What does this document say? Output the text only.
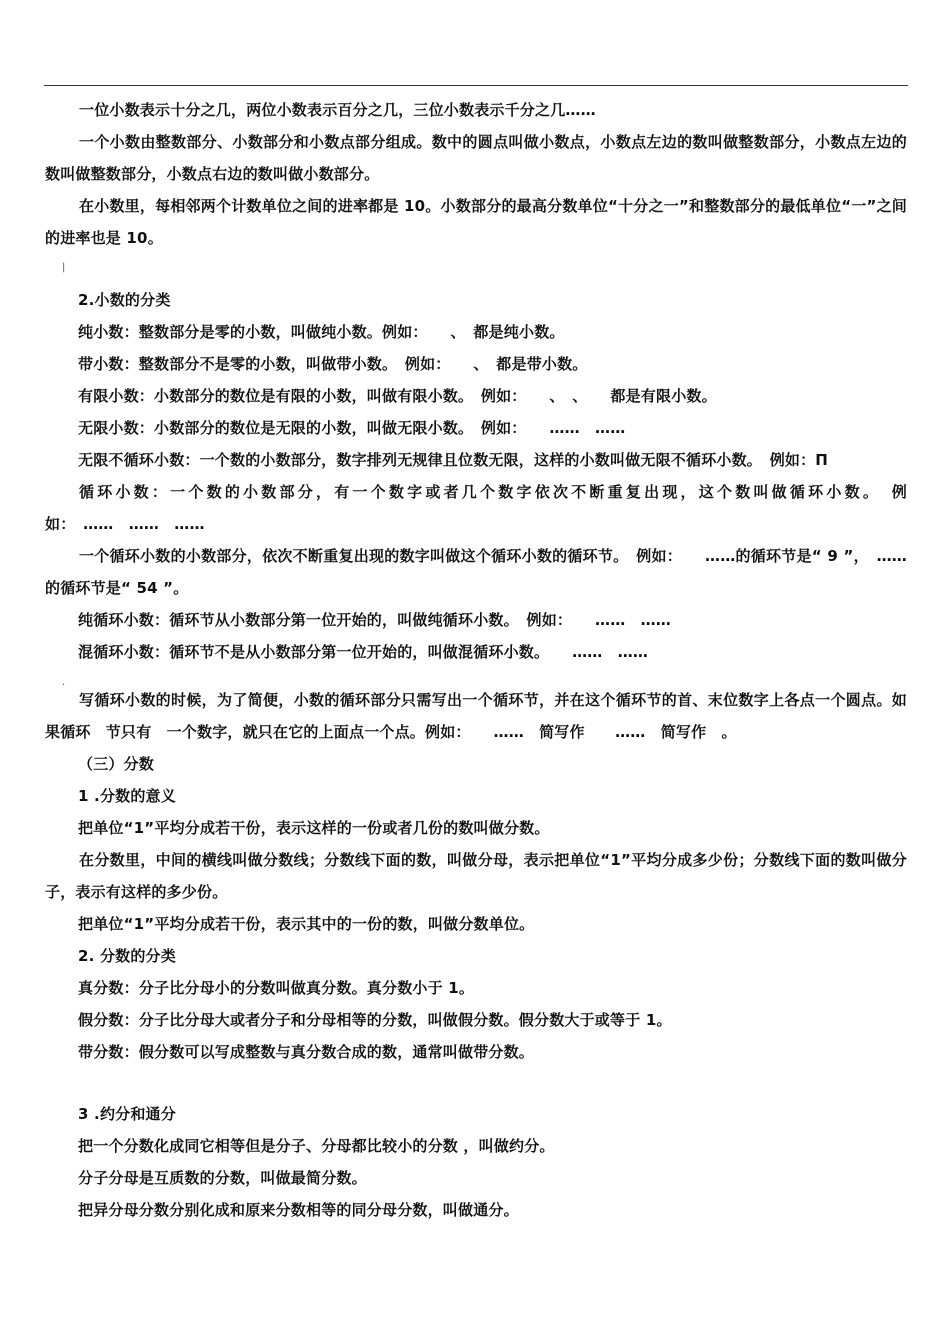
|
·
一位小数表示十分之几，两位小数表示百分之几，三位小数表示千分之几……
一个小数由整数部分、小数部分和小数点部分组成。数中的圆点叫做小数点，小数点左边的数叫做整数部分，小数点左边的数叫做整数部分，小数点右边的数叫做小数部分。
在小数里，每相邻两个计数单位之间的进率都是 10。小数部分的最高分数单位“十分之一”和整数部分的最低单位“一”之间的进率也是 10。
2.小数的分类
纯小数：整数部分是零的小数，叫做纯小数。例如：　　、　都是纯小数。
带小数：整数部分不是零的小数，叫做带小数。　例如：　　、　都是带小数。
有限小数：小数部分的数位是有限的小数，叫做有限小数。　例如：　　、　、　　都是有限小数。
无限小数：小数部分的数位是无限的小数，叫做无限小数。　例如：　　……　……
无限不循环小数：一个数的小数部分，数字排列无规律且位数无限，这样的小数叫做无限不循环小数。　例如：Π
循环小数：一个数的小数部分，有一个数字或者几个数字依次不断重复出现，这个数叫做循环小数。　例如：　……　……　……
一个循环小数的小数部分，依次不断重复出现的数字叫做这个循环小数的循环节。　例如：　　……的循环节是“ 9 ”，　……的循环节是“ 54 ”。
纯循环小数：循环节从小数部分第一位开始的，叫做纯循环小数。　例如：　　……　……
混循环小数：循环节不是从小数部分第一位开始的，叫做混循环小数。　　……　……
写循环小数的时候，为了简便，小数的循环部分只需写出一个循环节，并在这个循环节的首、末位数字上各点一个圆点。如果循环　节只有　一个数字，就只在它的上面点一个点。例如：　　……　简写作　　……　简写作　。
（三）分数
1 .分数的意义
把单位“1”平均分成若干份，表示这样的一份或者几份的数叫做分数。
在分数里，中间的横线叫做分数线；分数线下面的数，叫做分母，表示把单位“1”平均分成多少份；分数线下面的数叫做分子，表示有这样的多少份。
把单位“1”平均分成若干份，表示其中的一份的数，叫做分数单位。
2. 分数的分类
真分数：分子比分母小的分数叫做真分数。真分数小于 1。
假分数：分子比分母大或者分子和分母相等的分数，叫做假分数。假分数大于或等于 1。
带分数：假分数可以写成整数与真分数合成的数，通常叫做带分数。
3 .约分和通分
把一个分数化成同它相等但是分子、分母都比较小的分数 ，叫做约分。
分子分母是互质数的分数，叫做最简分数。
把异分母分数分别化成和原来分数相等的同分母分数，叫做通分。
